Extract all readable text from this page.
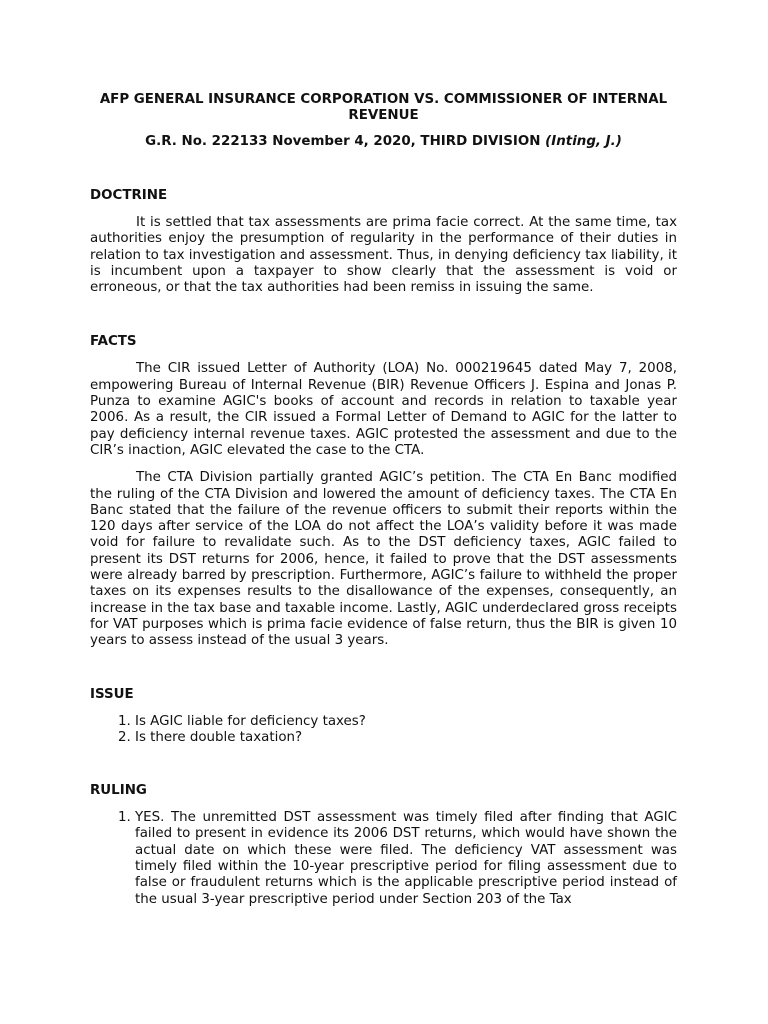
AFP GENERAL INSURANCE CORPORATION VS. COMMISSIONER OF INTERNAL REVENUE

G.R. No. 222133 November 4, 2020, THIRD DIVISION (Inting, J.)

DOCTRINE

It is settled that tax assessments are prima facie correct. At the same time, tax authorities enjoy the presumption of regularity in the performance of their duties in relation to tax investigation and assessment. Thus, in denying deficiency tax liability, it is incumbent upon a taxpayer to show clearly that the assessment is void or erroneous, or that the tax authorities had been remiss in issuing the same.

FACTS

The CIR issued Letter of Authority (LOA) No. 000219645 dated May 7, 2008, empowering Bureau of Internal Revenue (BIR) Revenue Officers J. Espina and Jonas P. Punza to examine AGIC's books of account and records in relation to taxable year 2006. As a result, the CIR issued a Formal Letter of Demand to AGIC for the latter to pay deficiency internal revenue taxes. AGIC protested the assessment and due to the CIR’s inaction, AGIC elevated the case to the CTA.

The CTA Division partially granted AGIC’s petition. The CTA En Banc modified the ruling of the CTA Division and lowered the amount of deficiency taxes. The CTA En Banc stated that the failure of the revenue officers to submit their reports within the 120 days after service of the LOA do not affect the LOA’s validity before it was made void for failure to revalidate such. As to the DST deficiency taxes, AGIC failed to present its DST returns for 2006, hence, it failed to prove that the DST assessments were already barred by prescription. Furthermore, AGIC’s failure to withheld the proper taxes on its expenses results to the disallowance of the expenses, consequently, an increase in the tax base and taxable income. Lastly, AGIC underdeclared gross receipts for VAT purposes which is prima facie evidence of false return, thus the BIR is given 10 years to assess instead of the usual 3 years.

ISSUE

1. Is AGIC liable for deficiency taxes?
2. Is there double taxation?

RULING

1. YES. The unremitted DST assessment was timely filed after finding that AGIC failed to present in evidence its 2006 DST returns, which would have shown the actual date on which these were filed. The deficiency VAT assessment was timely filed within the 10-year prescriptive period for filing assessment due to false or fraudulent returns which is the applicable prescriptive period instead of the usual 3-year prescriptive period under Section 203 of the Tax
